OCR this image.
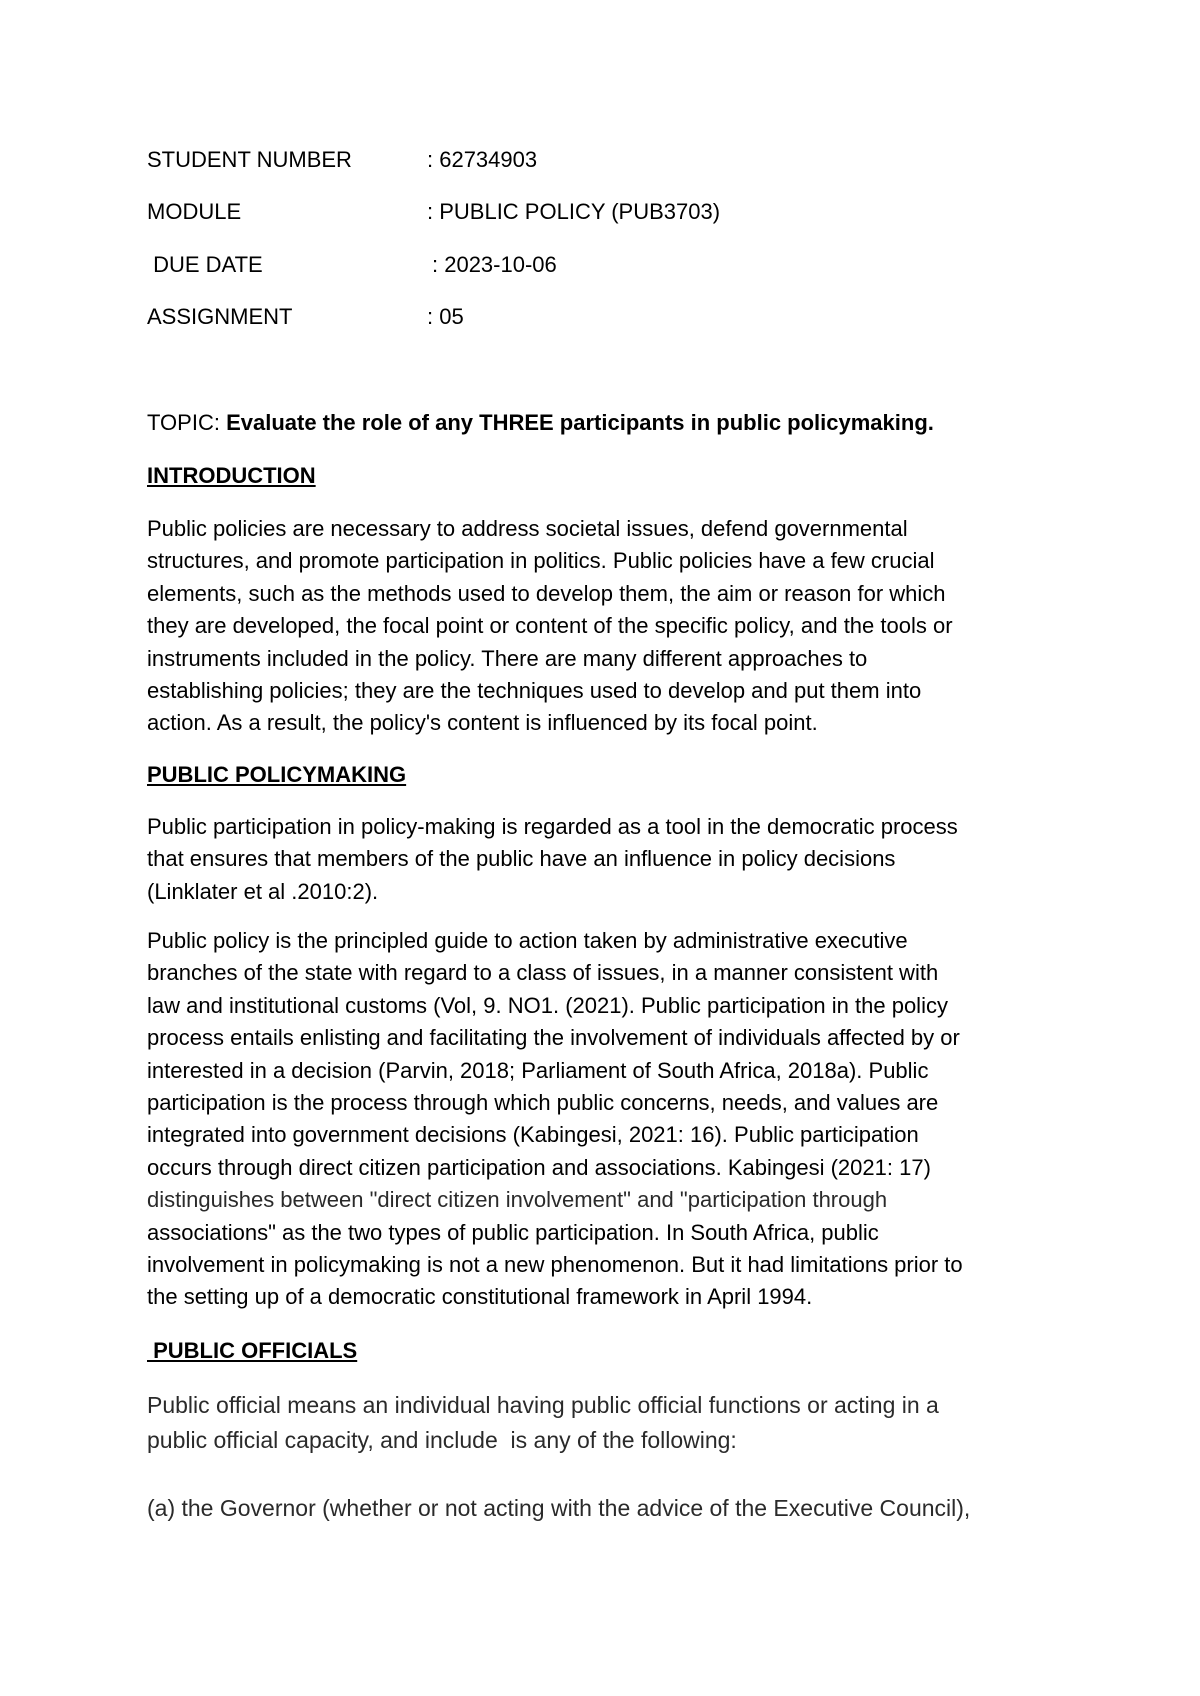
STUDENT NUMBER	: 62734903
MODULE	: PUBLIC POLICY (PUB3703)
DUE DATE	: 2023-10-06
ASSIGNMENT	: 05
TOPIC: Evaluate the role of any THREE participants in public policymaking.
INTRODUCTION
Public policies are necessary to address societal issues, defend governmental
structures, and promote participation in politics. Public policies have a few crucial
elements, such as the methods used to develop them, the aim or reason for which
they are developed, the focal point or content of the specific policy, and the tools or
instruments included in the policy. There are many different approaches to
establishing policies; they are the techniques used to develop and put them into
action. As a result, the policy's content is influenced by its focal point.
PUBLIC POLICYMAKING
Public participation in policy-making is regarded as a tool in the democratic process
that ensures that members of the public have an influence in policy decisions
(Linklater et al .2010:2).
Public policy is the principled guide to action taken by administrative executive
branches of the state with regard to a class of issues, in a manner consistent with
law and institutional customs (Vol, 9. NO1. (2021). Public participation in the policy
process entails enlisting and facilitating the involvement of individuals affected by or
interested in a decision (Parvin, 2018; Parliament of South Africa, 2018a). Public
participation is the process through which public concerns, needs, and values are
integrated into government decisions (Kabingesi, 2021: 16). Public participation
occurs through direct citizen participation and associations. Kabingesi (2021: 17)
distinguishes between "direct citizen involvement" and "participation through
associations" as the two types of public participation. In South Africa, public
involvement in policymaking is not a new phenomenon. But it had limitations prior to
the setting up of a democratic constitutional framework in April 1994.
PUBLIC OFFICIALS
Public official means an individual having public official functions or acting in a
public official capacity, and include  is any of the following:
(a) the Governor (whether or not acting with the advice of the Executive Council),
